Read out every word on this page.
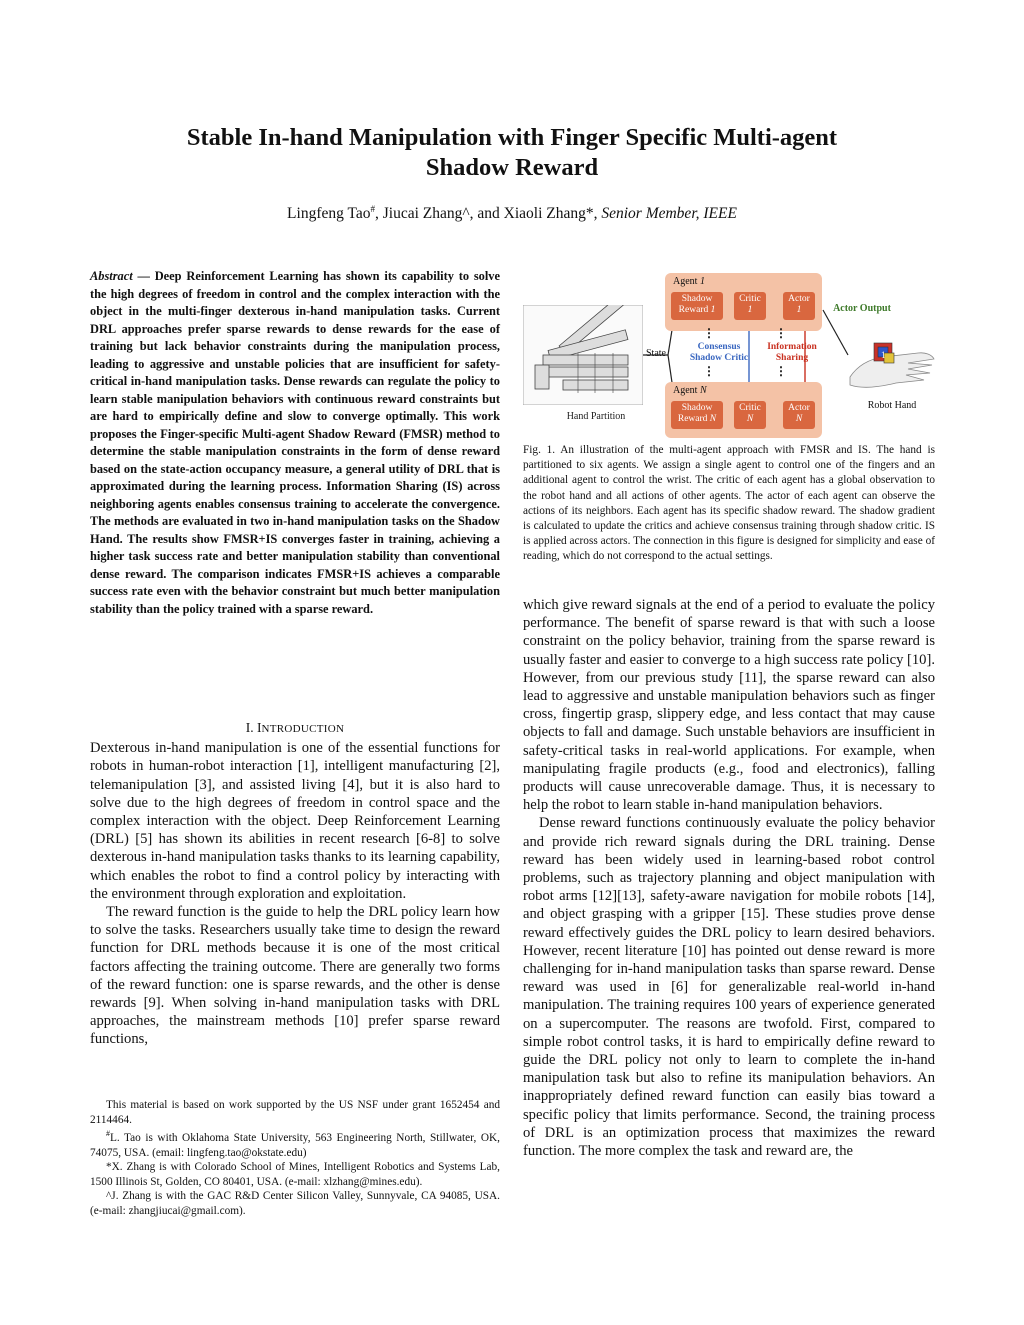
Stable In-hand Manipulation with Finger Specific Multi-agent
Shadow Reward
Lingfeng Tao#, Jiucai Zhang^, and Xiaoli Zhang*, Senior Member, IEEE
Abstract — Deep Reinforcement Learning has shown its capability to solve the high degrees of freedom in control and the complex interaction with the object in the multi-finger dexterous in-hand manipulation tasks. Current DRL approaches prefer sparse rewards to dense rewards for the ease of training but lack behavior constraints during the manipulation process, leading to aggressive and unstable policies that are insufficient for safety-critical in-hand manipulation tasks. Dense rewards can regulate the policy to learn stable manipulation behaviors with continuous reward constraints but are hard to empirically define and slow to converge optimally. This work proposes the Finger-specific Multi-agent Shadow Reward (FMSR) method to determine the stable manipulation constraints in the form of dense reward based on the state-action occupancy measure, a general utility of DRL that is approximated during the learning process. Information Sharing (IS) across neighboring agents enables consensus training to accelerate the convergence. The methods are evaluated in two in-hand manipulation tasks on the Shadow Hand. The results show FMSR+IS converges faster in training, achieving a higher task success rate and better manipulation stability than conventional dense reward. The comparison indicates FMSR+IS achieves a comparable success rate even with the behavior constraint but much better manipulation stability than the policy trained with a sparse reward.
I. INTRODUCTION

Dexterous in-hand manipulation is one of the essential functions for robots in human-robot interaction [1], intelligent manufacturing [2], telemanipulation [3], and assisted living [4], but it is also hard to solve due to the high degrees of freedom in control space and the complex interaction with the object. Deep Reinforcement Learning (DRL) [5] has shown its abilities in recent research [6-8] to solve dexterous in-hand manipulation tasks thanks to its learning capability, which enables the robot to find a control policy by interacting with the environment through exploration and exploitation.

The reward function is the guide to help the DRL policy learn how to solve the tasks. Researchers usually take time to design the reward function for DRL methods because it is one of the most critical factors affecting the training outcome. There are generally two forms of the reward function: one is sparse rewards, and the other is dense rewards [9]. When solving in-hand manipulation tasks with DRL approaches, the mainstream methods [10] prefer sparse reward functions,

This material is based on work supported by the US NSF under grant 1652454 and 2114464.

#L. Tao is with Oklahoma State University, 563 Engineering North, Stillwater, OK, 74075, USA. (email: lingfeng.tao@okstate.edu)

*X. Zhang is with Colorado School of Mines, Intelligent Robotics and Systems Lab, 1500 Illinois St, Golden, CO 80401, USA. (e-mail: xlzhang@mines.edu).

^J. Zhang is with the GAC R&D Center Silicon Valley, Sunnyvale, CA 94085, USA. (e-mail: zhangjiucai@gmail.com).

Hand Partition
State
Agent 1
Shadow
Reward 1
Critic
1
Actor
1
⋮	⋮
Consensus
Shadow Critic
Information
Sharing
⋮	⋮
Agent N
Shadow
Reward N
Critic
N
Actor
N
Actor Output
1
Robot Hand
Fig. 1. An illustration of the multi-agent approach with FMSR and IS. The hand is partitioned to six agents. We assign a single agent to control one of the fingers and an additional agent to control the wrist. The critic of each agent has a global observation to the robot hand and all actions of other agents. The actor of each agent can observe the actions of its neighbors. Each agent has its specific shadow reward. The shadow gradient is calculated to update the critics and achieve consensus training through shadow critic. IS is applied across actors. The connection in this figure is designed for simplicity and ease of reading, which do not correspond to the actual settings.

which give reward signals at the end of a period to evaluate the policy performance. The benefit of sparse reward is that with such a loose constraint on the policy behavior, training from the sparse reward is usually faster and easier to converge to a high success rate policy [10]. However, from our previous study [11], the sparse reward can also lead to aggressive and unstable manipulation behaviors such as finger cross, fingertip grasp, slippery edge, and less contact that may cause objects to fall and damage. Such unstable behaviors are insufficient in safety-critical tasks in real-world applications. For example, when manipulating fragile products (e.g., food and electronics), falling products will cause unrecoverable damage. Thus, it is necessary to help the robot to learn stable in-hand manipulation behaviors.

Dense reward functions continuously evaluate the policy behavior and provide rich reward signals during the DRL training. Dense reward has been widely used in learning-based robot control problems, such as trajectory planning and object manipulation with robot arms [12][13], safety-aware navigation for mobile robots [14], and object grasping with a gripper [15]. These studies prove dense reward effectively guides the DRL policy to learn desired behaviors. However, recent literature [10] has pointed out dense reward is more challenging for in-hand manipulation tasks than sparse reward. Dense reward was used in [6] for generalizable real-world in-hand manipulation. The training requires 100 years of experience generated on a supercomputer. The reasons are twofold. First, compared to simple robot control tasks, it is hard to empirically define reward to guide the DRL policy not only to learn to complete the in-hand manipulation task but also to refine its manipulation behaviors. An inappropriately defined reward function can easily bias toward a specific policy that limits performance. Second, the training process of DRL is an optimization process that maximizes the reward function. The more complex the task and reward are, the
